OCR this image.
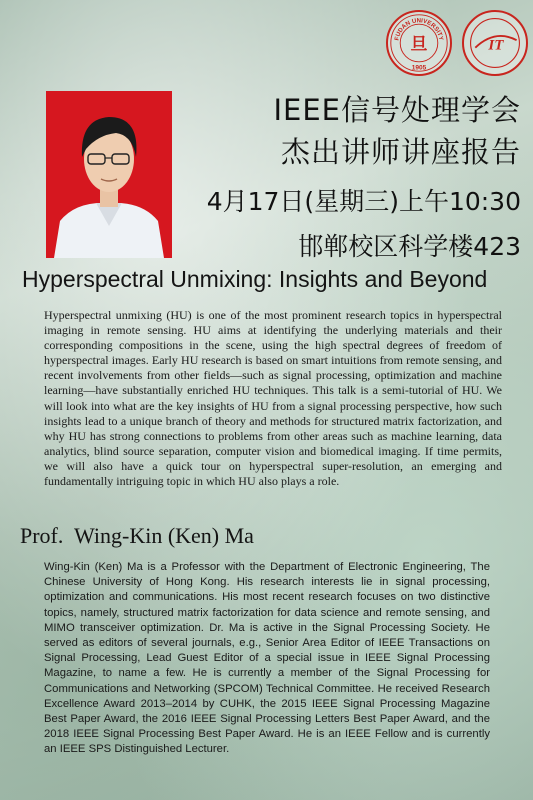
FUDAN UNIVERSITY
旦
1905
IT
IEEE信号处理学会
杰出讲师讲座报告
4月17日(星期三)上午10:30
邯郸校区科学楼423
Hyperspectral Unmixing: Insights and Beyond

Hyperspectral unmixing (HU) is one of the most prominent research topics in hyperspectral imaging in remote sensing. HU aims at identifying the underlying materials and their corresponding compositions in the scene, using the high spectral degrees of freedom of hyperspectral images. Early HU research is based on smart intuitions from remote sensing, and recent involvements from other fields—such as signal processing, optimization and machine learning—have substantially enriched HU techniques. This talk is a semi-tutorial of HU. We will look into what are the key insights of HU from a signal processing perspective, how such insights lead to a unique branch of theory and methods for structured matrix factorization, and why HU has strong connections to problems from other areas such as machine learning, data analytics, blind source separation, computer vision and biomedical imaging. If time permits, we will also have a quick tour on hyperspectral super-resolution, an emerging and fundamentally intriguing topic in which HU also plays a role.

Prof.  Wing-Kin (Ken) Ma

Wing-Kin (Ken) Ma is a Professor with the Department of Electronic Engineering, The Chinese University of Hong Kong. His research interests lie in signal processing, optimization and communications. His most recent research focuses on two distinctive topics, namely, structured matrix factorization for data science and remote sensing, and MIMO transceiver optimization. Dr. Ma is active in the Signal Processing Society. He served as editors of several journals, e.g., Senior Area Editor of IEEE Transactions on Signal Processing, Lead Guest Editor of a special issue in IEEE Signal Processing Magazine, to name a few. He is currently a member of the Signal Processing for Communications and Networking (SPCOM) Technical Committee. He received Research Excellence Award 2013–2014 by CUHK, the 2015 IEEE Signal Processing Magazine Best Paper Award, the 2016 IEEE Signal Processing Letters Best Paper Award, and the 2018 IEEE Signal Processing Best Paper Award. He is an IEEE Fellow and is currently an IEEE SPS Distinguished Lecturer.
